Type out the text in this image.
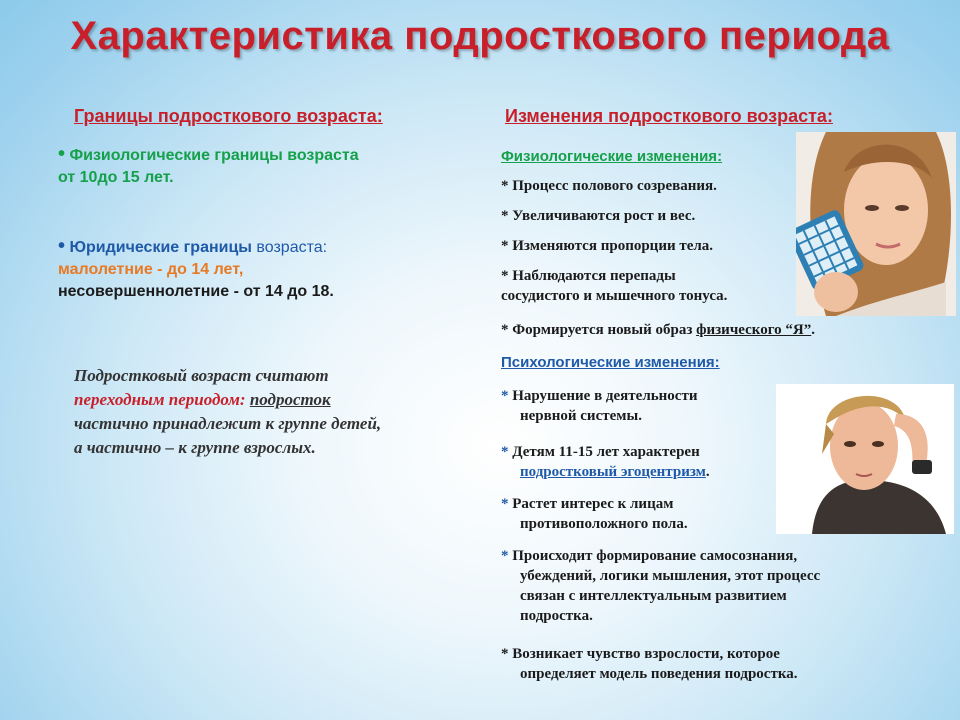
Характеристика подросткового периода
Границы подросткового возраста:
• Физиологические границы возраста
от 10до 15 лет.
• Юридические границы возраста:
малолетние - до 14 лет,
несовершеннолетние - от 14 до 18.
Подростковый возраст считают
переходным периодом: подросток
частично принадлежит к группе детей,
а частично – к группе взрослых.
Изменения подросткового возраста:
Физиологические изменения:
* Процесс полового созревания.
* Увеличиваются рост и вес.
* Изменяются пропорции тела.
* Наблюдаются перепады
сосудистого и мышечного тонуса.
* Формируется новый образ физического “Я”.
Психологические изменения:
* Нарушение в деятельности
нервной системы.
* Детям 11-15 лет характерен
подростковый эгоцентризм.
* Растет интерес к лицам
противоположного пола.
* Происходит формирование самосознания,
убеждений, логики мышления, этот процесс
связан с интеллектуальным развитием
подростка.
* Возникает чувство взрослости, которое
определяет модель поведения подростка.
